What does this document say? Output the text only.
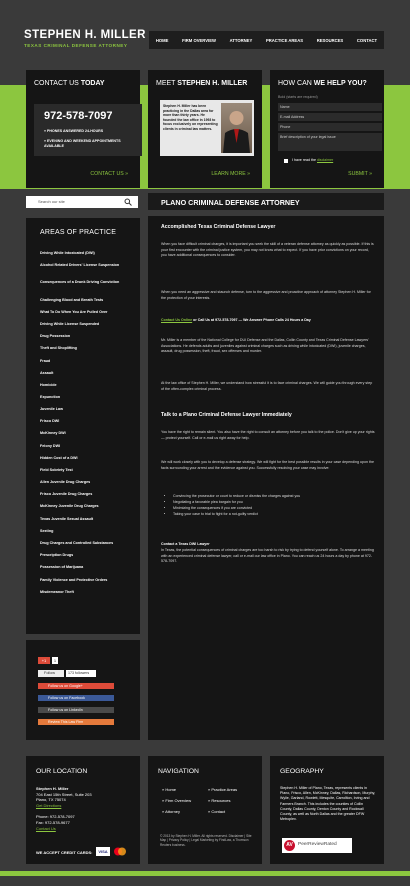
STEPHEN H. MILLER
TEXAS CRIMINAL DEFENSE ATTORNEY
HOME	FIRM OVERVIEW	ATTORNEY	PRACTICE AREAS	RESOURCES	CONTACT
CONTACT US TODAY
972-578-7097
» PHONES ANSWERED 24-HOURS
» EVENING AND WEEKEND APPOINTMENTS AVAILABLE
CONTACT US »
MEET STEPHEN H. MILLER
Stephen H. Miller has been practicing in the Dallas area for more than thirty years. He founded the law office in 1993 to focus exclusively on representing clients in criminal law matters.
LEARN MORE »
HOW CAN WE HELP YOU?
Bold (starts are required)
Name
E-mail Address
Phone
Brief description of your legal issue
I have read the disclaimer
SUBMIT »
Search our site
AREAS OF PRACTICE
Driving While Intoxicated (DWI)
Alcohol Related Drivers' License Suspension
Consequences of a Drunk Driving Conviction
Challenging Blood and Breath Tests
What To Do When You Are Pulled Over
Driving While License Suspended
Drug Possession
Theft and Shoplifting
Fraud
Assault
Homicide
Expunction
Juvenile Law
Frisco DWI
McKinney DWI
Felony DWI
Hidden Cost of a DWI
Field Sobriety Test
Allen Juvenile Drug Charges
Frisco Juvenile Drug Charges
McKinney Juvenile Drug Charges
Texas Juvenile Sexual Assault
Sexting
Drug Charges and Controlled Substances
Prescription Drugs
Possession of Marijuana
Family Violence and Protective Orders
Misdemeanor Theft
+1	1
Follow	173 followers
Follow us on Google+
Follow us on Facebook
Follow us on LinkedIn
Review This Law Firm
PLANO CRIMINAL DEFENSE ATTORNEY
Accomplished Texas Criminal Defense Lawyer
When you face difficult criminal charges, it is important you seek the skill of a veteran defense attorney as quickly as possible. If this is your first encounter with the criminal justice system, you may not know what to expect. If you have prior convictions on your record, you have additional consequences to consider.
When you need an aggressive and staunch defense, turn to the aggressive and proactive approach of attorney Stephen H. Miller for the protection of your interests.
Contact Us Online or Call Us at 972-578-7097 — We Answer Phone Calls 24 Hours a Day
Mr. Miller is a member of the National College for DUI Defense and the Dallas, Collin County and Texas Criminal Defense Lawyers' Associations. He defends adults and juveniles against criminal charges such as driving while intoxicated (DWI), juvenile charges, assault, drug possession, theft, fraud, sex offenses and murder.
At the law office of Stephen H. Miller, we understand how stressful it is to face criminal charges. We will guide you through every step of the often-complex criminal process.
Talk to a Plano Criminal Defense Lawyer Immediately
You have the right to remain silent. You also have the right to consult an attorney before you talk to the police. Don't give up your rights — protect yourself. Call or e-mail us right away for help.
We will work closely with you to develop a defense strategy. We will fight for the best possible results in your case depending upon the facts surrounding your arrest and the evidence against you. Successfully resolving your case may involve:
• Convincing the prosecutor or court to reduce or dismiss the charges against you
• Negotiating a favorable plea bargain for you
• Minimizing the consequences if you are convicted
• Taking your case to trial to fight for a not-guilty verdict
Contact a Texas DWI Lawyer
In Texas, the potential consequences of criminal charges are too harsh to risk by trying to defend yourself alone. To arrange a meeting with an experienced criminal defense lawyer, call or e-mail our law office in Plano. You can reach us 24 hours a day by phone at 972-578-7097.
OUR LOCATION
Stephen H. Miller
704 East 15th Street, Suite 203
Plano, TX 75074
Get Directions
Phone: 972-578-7097
Fax: 972-578-9677
Contact Us
WE ACCEPT CREDIT CARDS:	VISA
NAVIGATION
» Home	» Practice Areas
» Firm Overview	» Resources
» Attorney	» Contact
© 2013 by Stephen H. Miller. All rights reserved. Disclaimer | Site Map | Privacy Policy | Legal Marketing by FindLaw, a Thomson Reuters business.
GEOGRAPHY
Stephen H. Miller of Plano, Texas, represents clients in Plano, Frisco, Allen, McKinney, Dallas, Richardson, Murphy, Wylie, Garland, Rowlett, Mesquite, Carrollton, Irving and Farmers Branch. This includes the counties of Collin County, Dallas County, Denton County and Rockwall County, as well as North Dallas and the greater DFW Metroplex.
AV	PeerReviewRated
